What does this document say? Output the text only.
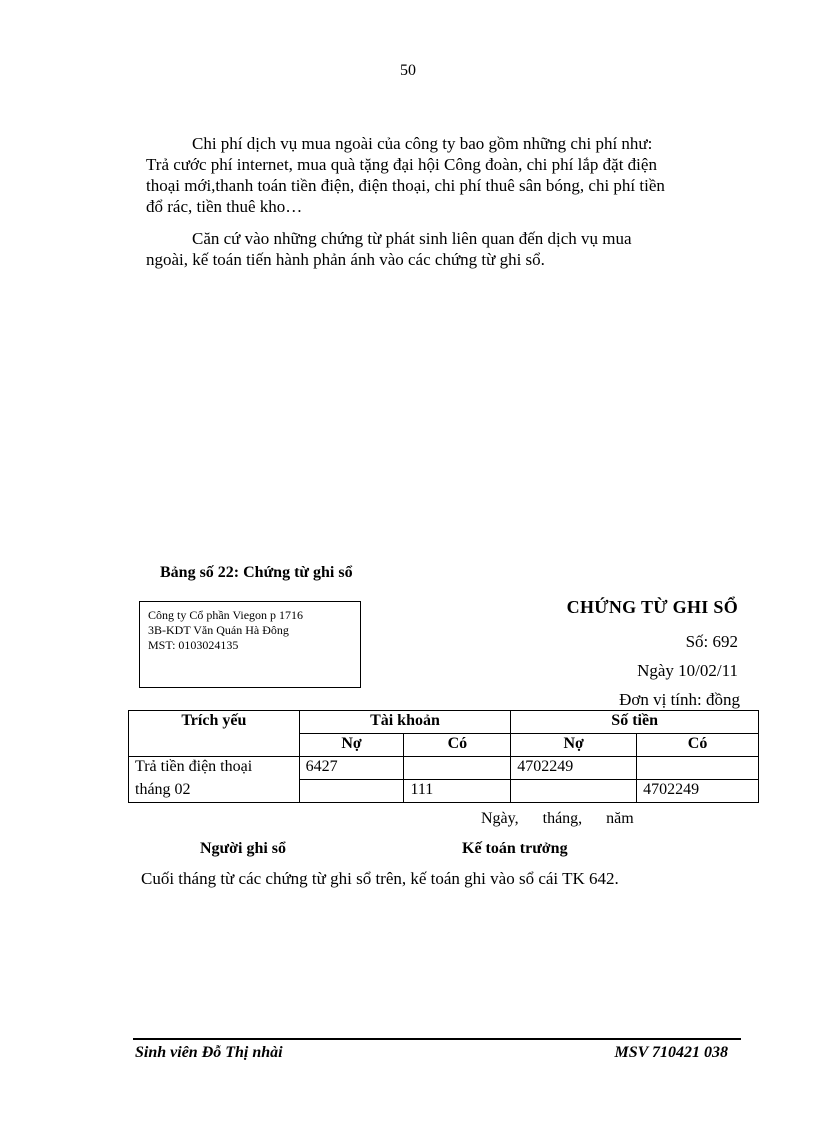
50
Chi phí dịch vụ mua ngoài của công ty bao gồm những chi phí như:
Trả cước phí internet, mua quà tặng đại hội Công đoàn, chi phí lắp đặt điện
thoại mới,thanh toán tiền điện, điện thoại, chi phí thuê sân bóng, chi phí tiền
đổ rác, tiền thuê kho…
Căn cứ vào những chứng từ phát sinh liên quan đến dịch vụ mua
ngoài, kế toán tiến hành phản ánh vào các chứng từ ghi sổ.
Bảng số 22: Chứng từ ghi sổ
Công ty Cổ phần Viegon p 1716
3B-KDT Văn Quán Hà Đông
MST: 0103024135
CHỨNG TỪ GHI SỔ
Số: 692
Ngày 10/02/11
Đơn vị tính: đồng
Trích yếu	Tài khoản		Số tiền	
	Nợ	Có	Nợ	Có
Trả tiền điện thoại	6427		4702249	
tháng 02		111		4702249
Ngày, tháng, năm
Người ghi sổ	Kế toán trưởng
Cuối tháng từ các chứng từ ghi sổ trên, kế toán ghi vào sổ cái TK 642.
Sinh viên Đỗ Thị nhài	MSV 710421 038
